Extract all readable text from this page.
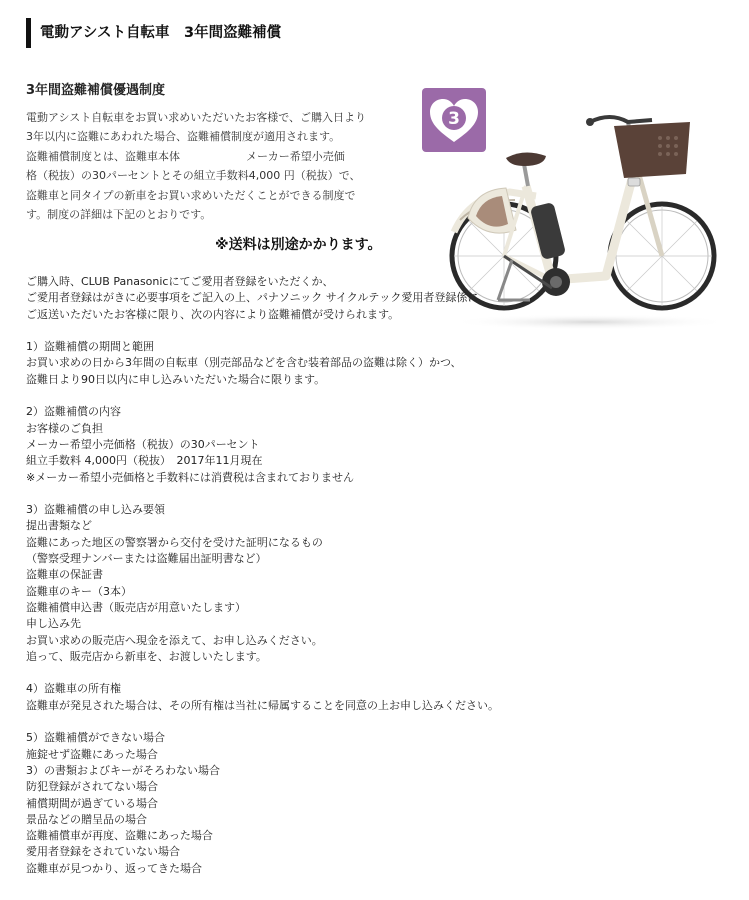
電動アシスト自転車　3年間盗難補償
3年間盗難補償優遇制度
電動アシスト自転車をお買い求めいただいたお客様で、ご購入日より
3年以内に盗難にあわれた場合、盗難補償制度が適用されます。
盗難補償制度とは、盗難車本体　　　　　　メーカー希望小売価
格（税抜）の30パーセントとその組立手数料4,000 円（税抜）で、
盗難車と同タイプの新車をお買い求めいただくことができる制度で
す。制度の詳細は下記のとおりです。
※送料は別途かかります。
3
ご購入時、CLUB Panasonicにてご愛用者登録をいただくか、
ご愛用者登録はがきに必要事項をご記入の上、パナソニック サイクルテック愛用者登録係に
ご返送いただいたお客様に限り、次の内容により盗難補償が受けられます。
1）盗難補償の期間と範囲
お買い求めの日から3年間の自転車（別売部品などを含む装着部品の盗難は除く）かつ、
盗難日より90日以内に申し込みいただいた場合に限ります。
2）盗難補償の内容
お客様のご負担
メーカー希望小売価格（税抜）の30パーセント
組立手数料 4,000円（税抜）　2017年11月現在
※メーカー希望小売価格と手数料には消費税は含まれておりません
3）盗難補償の申し込み要領
提出書類など
盗難にあった地区の警察署から交付を受けた証明になるもの
（警察受理ナンバーまたは盗難届出証明書など）
盗難車の保証書
盗難車のキー（3本）
盗難補償申込書（販売店が用意いたします）
申し込み先
お買い求めの販売店へ現金を添えて、お申し込みください。
追って、販売店から新車を、お渡しいたします。
4）盗難車の所有権
盗難車が発見された場合は、その所有権は当社に帰属することを同意の上お申し込みください。
5）盗難補償ができない場合
施錠せず盗難にあった場合
3）の書類およびキーがそろわない場合
防犯登録がされてない場合
補償期間が過ぎている場合
景品などの贈呈品の場合
盗難補償車が再度、盗難にあった場合
愛用者登録をされていない場合
盗難車が見つかり、返ってきた場合
